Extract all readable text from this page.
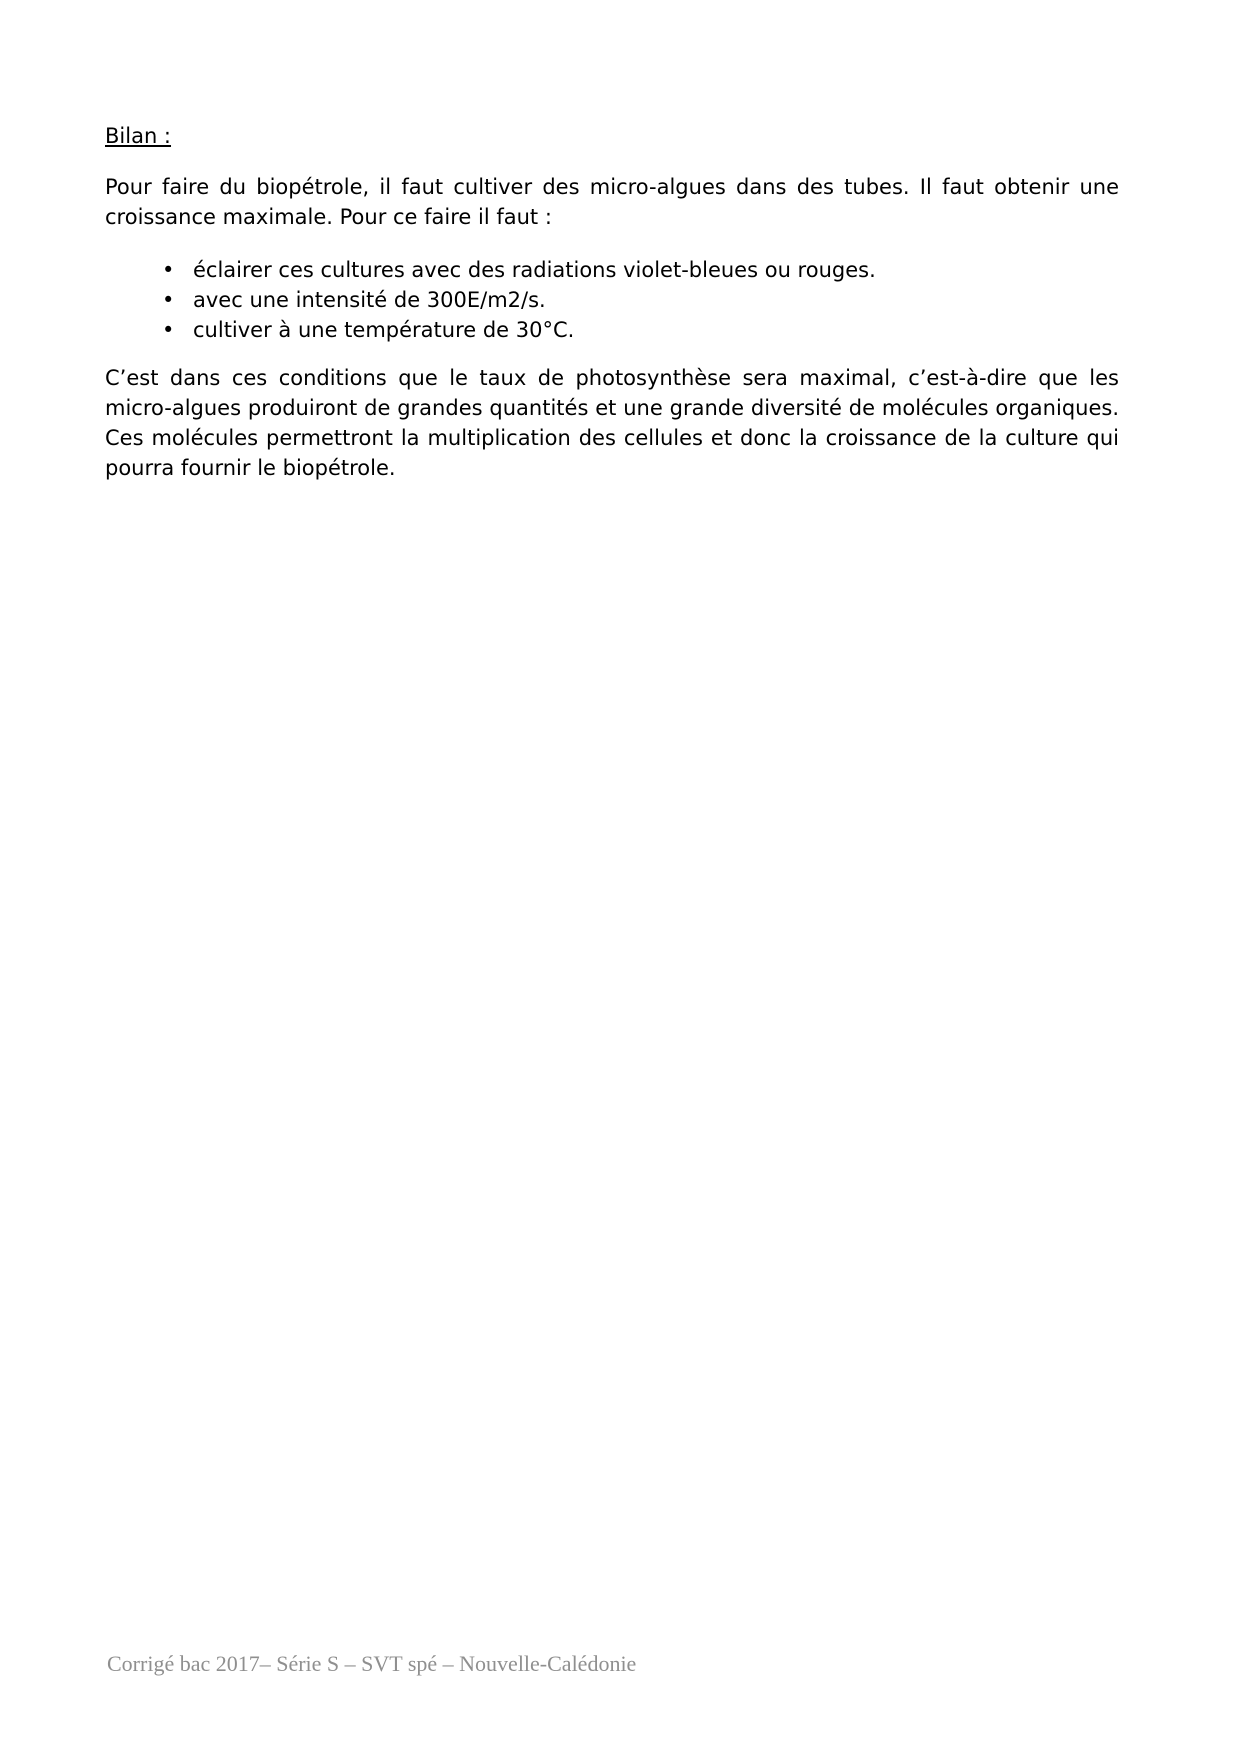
Bilan :

Pour faire du biopétrole, il faut cultiver des micro-algues dans des tubes. Il faut obtenir une croissance maximale. Pour ce faire il faut :

• éclairer ces cultures avec des radiations violet-bleues ou rouges.
• avec une intensité de 300E/m2/s.
• cultiver à une température de 30°C.

C’est dans ces conditions que le taux de photosynthèse sera maximal, c’est-à-dire que les micro-algues produiront de grandes quantités et une grande diversité de molécules organiques. Ces molécules permettront la multiplication des cellules et donc la croissance de la culture qui pourra fournir le biopétrole.

Corrigé bac 2017– Série S – SVT spé – Nouvelle-Calédonie
